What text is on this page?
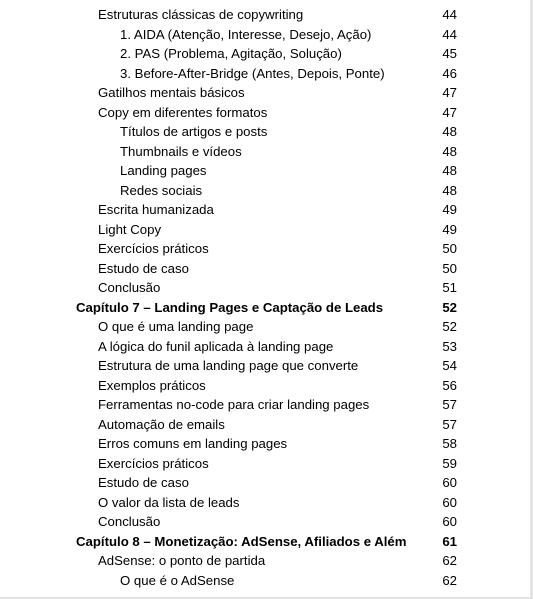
Estruturas clássicas de copywriting	44
1. AIDA (Atenção, Interesse, Desejo, Ação)	44
2. PAS (Problema, Agitação, Solução)	45
3. Before-After-Bridge (Antes, Depois, Ponte)	46
Gatilhos mentais básicos	47
Copy em diferentes formatos	47
Títulos de artigos e posts	48
Thumbnails e vídeos	48
Landing pages	48
Redes sociais	48
Escrita humanizada	49
Light Copy	49
Exercícios práticos	50
Estudo de caso	50
Conclusão	51
Capítulo 7 – Landing Pages e Captação de Leads	52
O que é uma landing page	52
A lógica do funil aplicada à landing page	53
Estrutura de uma landing page que converte	54
Exemplos práticos	56
Ferramentas no-code para criar landing pages	57
Automação de emails	57
Erros comuns em landing pages	58
Exercícios práticos	59
Estudo de caso	60
O valor da lista de leads	60
Conclusão	60
Capítulo 8 – Monetização: AdSense, Afiliados e Além	61
AdSense: o ponto de partida	62
O que é o AdSense	62
